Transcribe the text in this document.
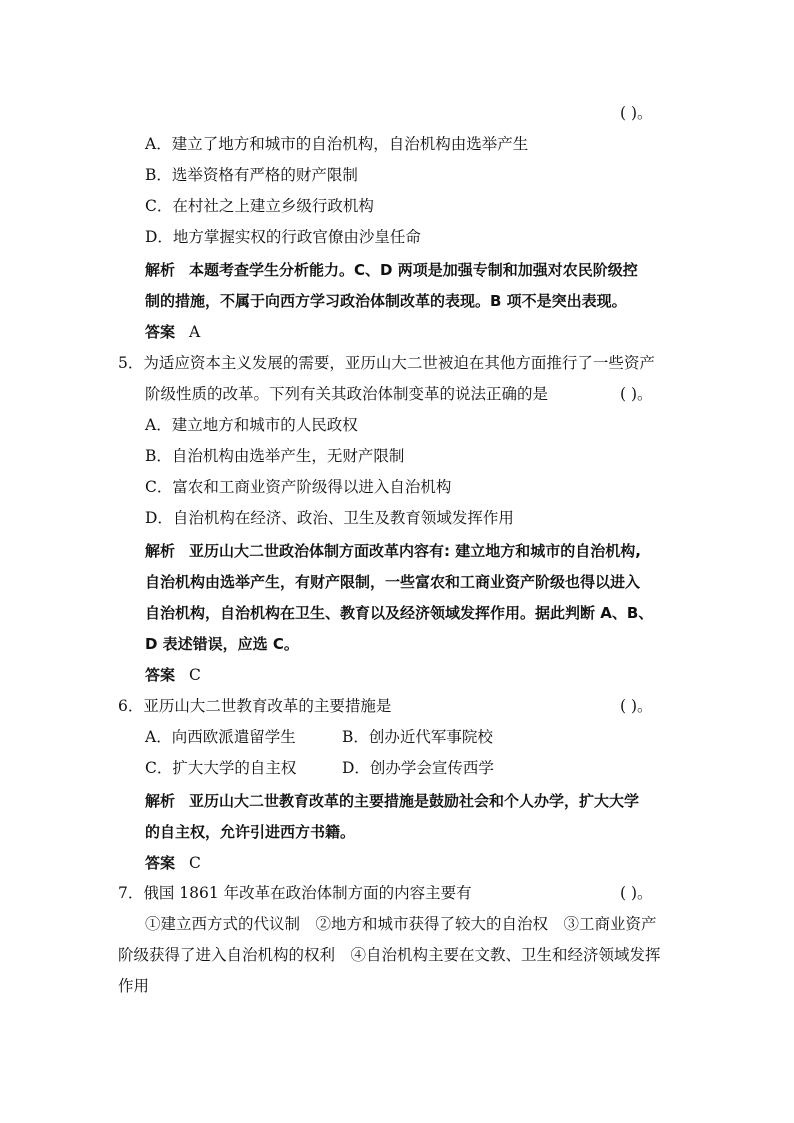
( )。
A．建立了地方和城市的自治机构，自治机构由选举产生
B．选举资格有严格的财产限制
C．在村社之上建立乡级行政机构
D．地方掌握实权的行政官僚由沙皇任命
解析 本题考查学生分析能力。C、D 两项是加强专制和加强对农民阶级控
制的措施，不属于向西方学习政治体制改革的表现。B 项不是突出表现。
答案 A
5．为适应资本主义发展的需要，亚历山大二世被迫在其他方面推行了一些资产
阶级性质的改革。下列有关其政治体制变革的说法正确的是	( )。
A．建立地方和城市的人民政权
B．自治机构由选举产生，无财产限制
C．富农和工商业资产阶级得以进入自治机构
D．自治机构在经济、政治、卫生及教育领域发挥作用
解析 亚历山大二世政治体制方面改革内容有: 建立地方和城市的自治机构,
自治机构由选举产生，有财产限制，一些富农和工商业资产阶级也得以进入
自治机构，自治机构在卫生、教育以及经济领域发挥作用。据此判断 A、B、
D 表述错误，应选 C。
答案 C
6．亚历山大二世教育改革的主要措施是	( )。
A．向西欧派遣留学生	B．创办近代军事院校
C．扩大大学的自主权	D．创办学会宣传西学
解析 亚历山大二世教育改革的主要措施是鼓励社会和个人办学，扩大大学
的自主权，允许引进西方书籍。
答案 C
7．俄国 1861 年改革在政治体制方面的内容主要有	( )。
①建立西方式的代议制　②地方和城市获得了较大的自治权　③工商业资产
阶级获得了进入自治机构的权利　④自治机构主要在文教、卫生和经济领域发挥
作用
